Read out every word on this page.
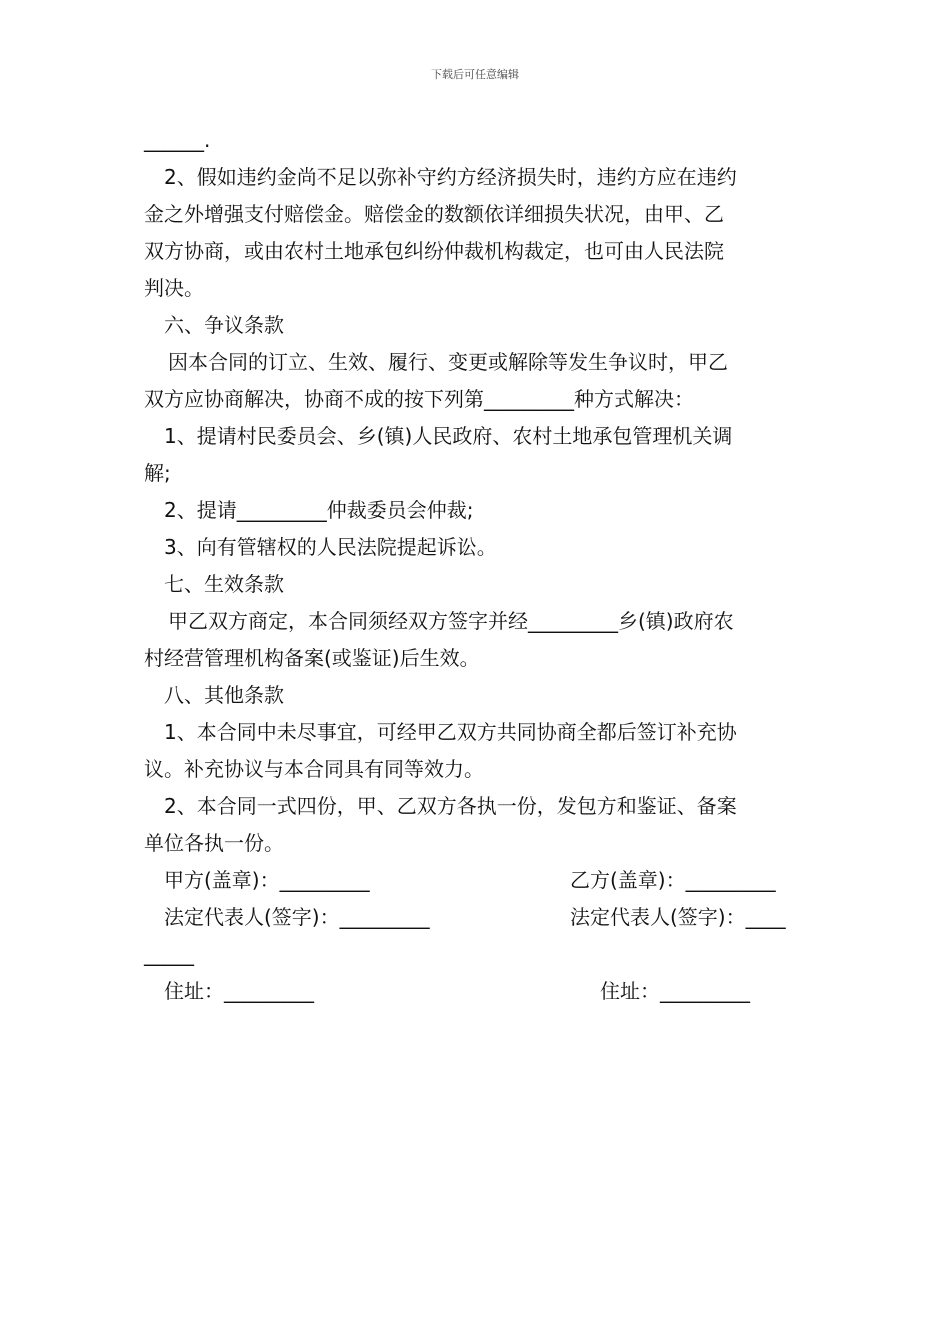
下载后可任意编辑
______.
2、假如违约金尚不足以弥补守约方经济损失时，违约方应在违约
金之外增强支付赔偿金。赔偿金的数额依详细损失状况，由甲、乙
双方协商，或由农村土地承包纠纷仲裁机构裁定，也可由人民法院
判决。
六、争议条款
因本合同的订立、生效、履行、变更或解除等发生争议时，甲乙
双方应协商解决，协商不成的按下列第_________种方式解决：
1、提请村民委员会、乡(镇)人民政府、农村土地承包管理机关调
解;
2、提请_________仲裁委员会仲裁;
3、向有管辖权的人民法院提起诉讼。
七、生效条款
甲乙双方商定，本合同须经双方签字并经_________乡(镇)政府农
村经营管理机构备案(或鉴证)后生效。
八、其他条款
1、本合同中未尽事宜，可经甲乙双方共同协商全都后签订补充协
议。补充协议与本合同具有同等效力。
2、本合同一式四份，甲、乙双方各执一份，发包方和鉴证、备案
单位各执一份。
甲方(盖章)：_________	乙方(盖章)：_________
法定代表人(签字)：_________	法定代表人(签字)：____
_____
住址：_________	住址：_________
